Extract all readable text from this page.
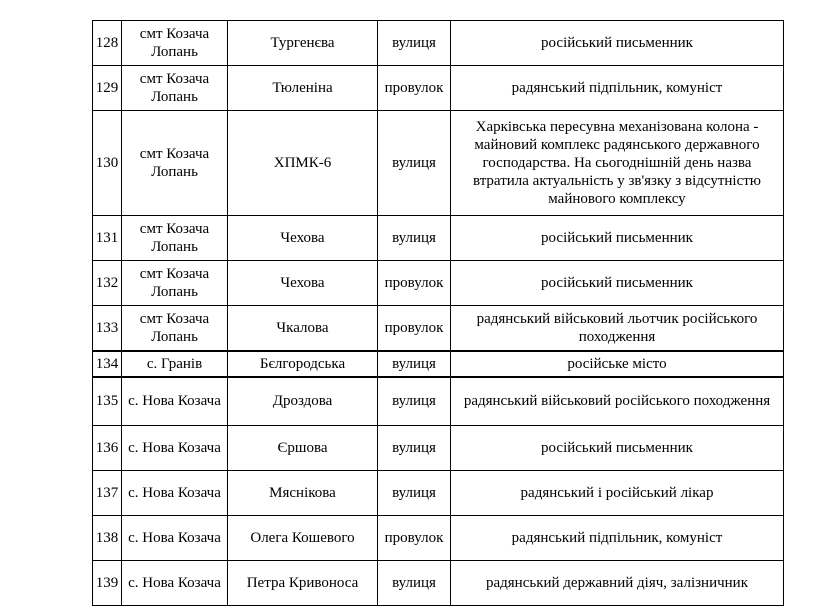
128	смт Козача Лопань	Тургенєва	вулиця	російський письменник
129	смт Козача Лопань	Тюленіна	провулок	радянський підпільник, комуніст
130	смт Козача Лопань	ХПМК-6	вулиця	Харківська пересувна механізована колона - майновий комплекс радянського державного господарства. На сьогоднішній день назва втратила актуальність у зв'язку з відсутністю майнового комплексу
131	смт Козача Лопань	Чехова	вулиця	російський письменник
132	смт Козача Лопань	Чехова	провулок	російський письменник
133	смт Козача Лопань	Чкалова	провулок	радянський військовий льотчик російського походження
134	с. Гранів	Бєлгородська	вулиця	російське місто
135	с. Нова Козача	Дроздова	вулиця	радянський військовий російського походження
136	с. Нова Козача	Єршова	вулиця	російський письменник
137	с. Нова Козача	Мяснікова	вулиця	радянський і російський лікар
138	с. Нова Козача	Олега Кошевого	провулок	радянський підпільник, комуніст
139	с. Нова Козача	Петра Кривоноса	вулиця	радянський державний діяч, залізничник
